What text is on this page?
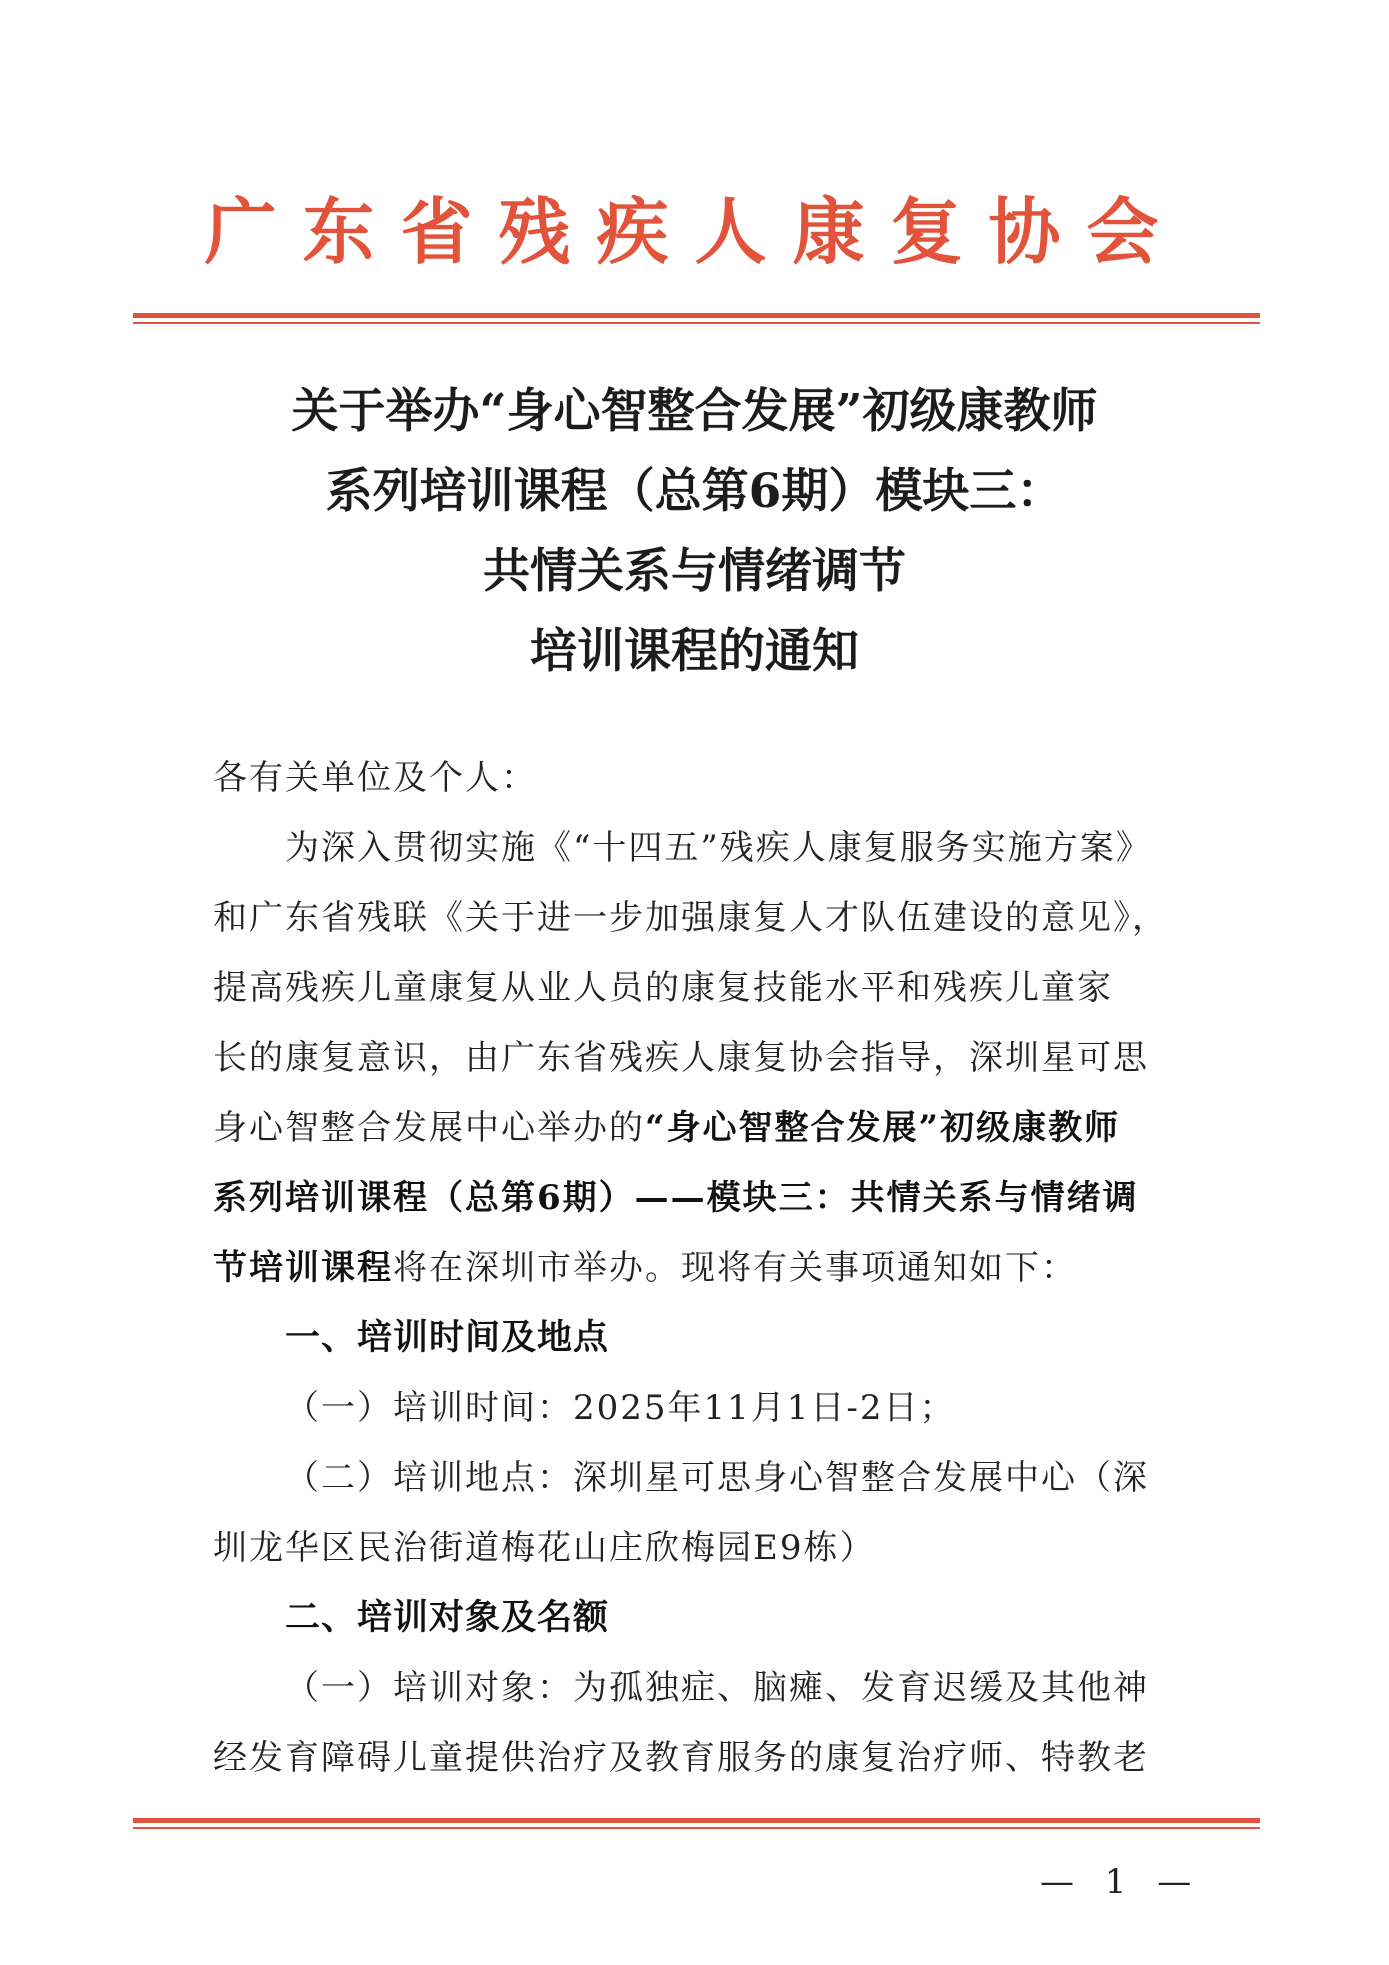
广东省残疾人康复协会
关于举办“身心智整合发展”初级康教师
系列培训课程（总第6期）模块三：
共情关系与情绪调节
培训课程的通知
各有关单位及个人：
为深入贯彻实施《“十四五”残疾人康复服务实施方案》
和广东省残联《关于进一步加强康复人才队伍建设的意见》，
提高残疾儿童康复从业人员的康复技能水平和残疾儿童家
长的康复意识，由广东省残疾人康复协会指导，深圳星可思
身心智整合发展中心举办的“身心智整合发展”初级康教师
系列培训课程（总第6期）——模块三：共情关系与情绪调
节培训课程将在深圳市举办。现将有关事项通知如下：
一、培训时间及地点
（一）培训时间：2025年11月1日-2日；
（二）培训地点：深圳星可思身心智整合发展中心（深
圳龙华区民治街道梅花山庄欣梅园E9栋）
二、培训对象及名额
（一）培训对象：为孤独症、脑瘫、发育迟缓及其他神
经发育障碍儿童提供治疗及教育服务的康复治疗师、特教老
— 1 —
